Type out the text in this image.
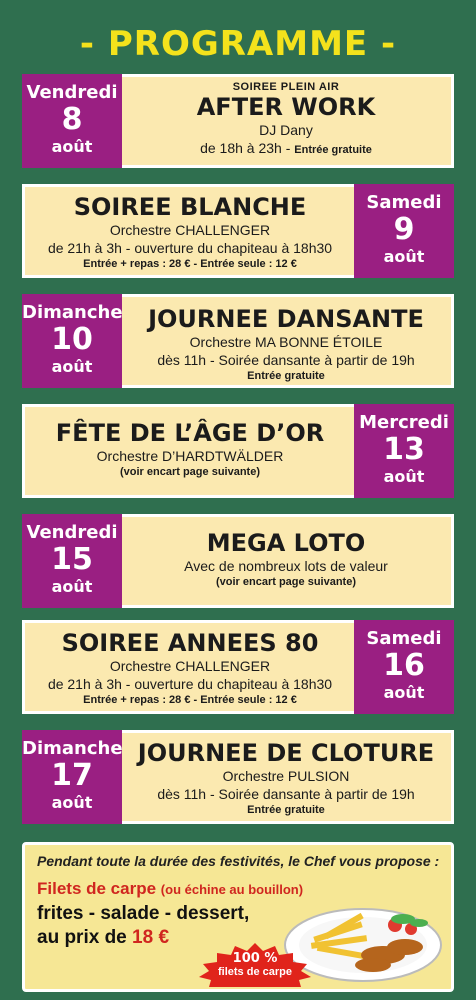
- PROGRAMME -
Vendredi
8
août
SOIREE PLEIN AIR
AFTER WORK
DJ Dany
de 18h à 23h - Entrée gratuite
Samedi
9
août
SOIREE BLANCHE
Orchestre CHALLENGER
de 21h à 3h - ouverture du chapiteau à 18h30
Entrée + repas : 28 € - Entrée seule : 12 €
Dimanche
10
août
JOURNEE DANSANTE
Orchestre MA BONNE ÉTOILE
dès 11h - Soirée dansante à partir de 19h
Entrée gratuite
Mercredi
13
août
FÊTE DE L’ÂGE D’OR
Orchestre D’HARDTWÄLDER
(voir encart page suivante)
Vendredi
15
août
MEGA LOTO
Avec de nombreux lots de valeur
(voir encart page suivante)
Samedi
16
août
SOIREE ANNEES 80
Orchestre CHALLENGER
de 21h à 3h - ouverture du chapiteau à 18h30
Entrée + repas : 28 € - Entrée seule : 12 €
Dimanche
17
août
JOURNEE DE CLOTURE
Orchestre PULSION
dès 11h - Soirée dansante à partir de 19h
Entrée gratuite
Pendant toute la durée des festivités, le Chef vous propose :
Filets de carpe (ou échine au bouillon)
frites - salade - dessert,
au prix de 18 €
100 %
filets de carpe
